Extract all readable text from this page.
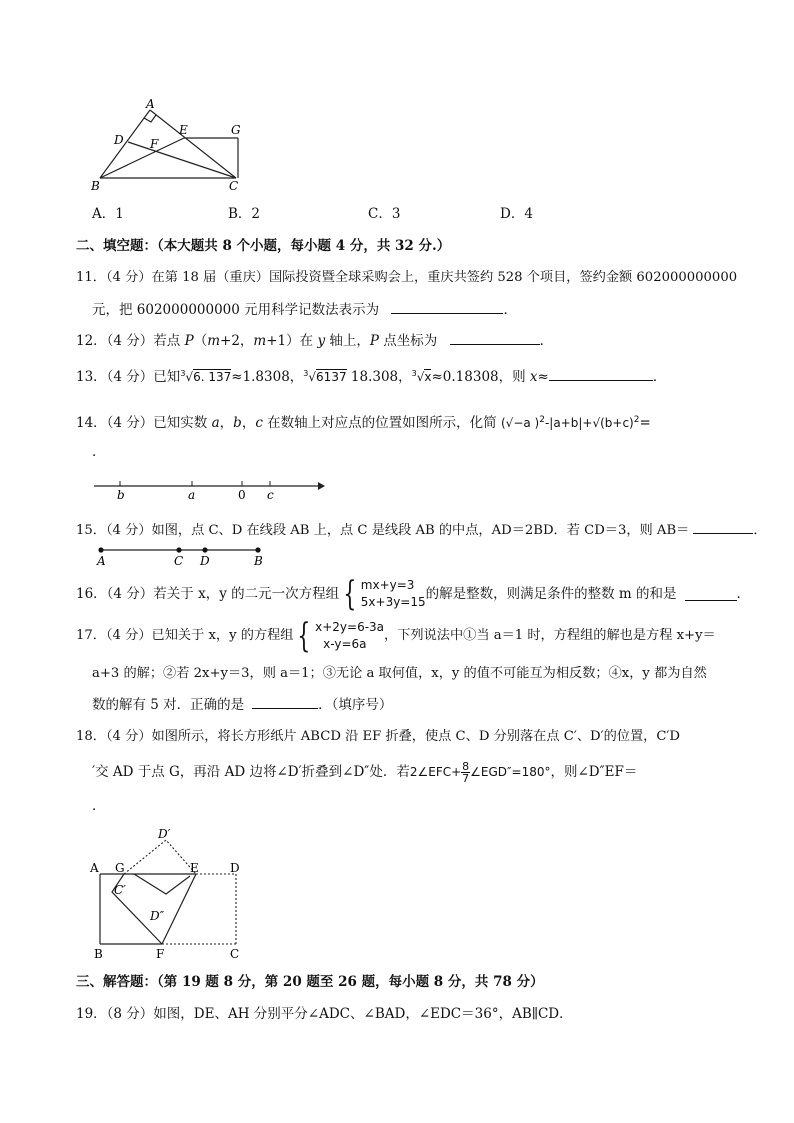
A
B	C
D
E
F
G
A．1	B．2	C．3	D．4
二、填空题：（本大题共 8 个小题，每小题 4 分，共 32 分.）
11．（4 分）在第 18 届（重庆）国际投资暨全球采购会上，重庆共签约 528 个项目，签约金额 602000000000
元，把 602000000000 元用科学记数法表示为	．
12．（4 分）若点 P（m+2，m+1）在 y 轴上，P 点坐标为	．
13．（4 分）已知$^3$√6. 137≈1.8308，$^3$√6137 18.308，$^3$√x≈0.18308，则 x≈	．
14．（4 分）已知实数 a，b，c 在数轴上对应点的位置如图所示，化简 (√−a )$^2-|a+b|+√(b+c)^2=$
．
b	a	0 c
15．（4 分）如图，点 C、D 在线段 AB 上，点 C 是线段 AB 的中点，AD＝2BD．若 CD＝3，则 AB＝	．
A	C D	B
16．（4 分）若关于 x，y 的二元一次方程组 { mx+y=3
5x+3y=15 的解是整数，则满足条件的整数 m 的和是	．
17．（4 分）已知关于 x，y 的方程组 { x+2y=6-3a
x-y=6a
，下列说法中①当 a＝1 时，方程组的解也是方程 x+y＝
a+3 的解；②若 2x+y＝3，则 a＝1；③无论 a 取何值，x，y 的值不可能互为相反数；④x，y 都为自然
数的解有 5 对．正确的是	．（填序号）
18．（4 分）如图所示，将长方形纸片 ABCD 沿 EF 折叠，使点 C、D 分别落在点 C′、D′的位置，C′D
′交 AD 于点 G，再沿 AD 边将∠D′折叠到∠D″处．若 2∠EFC+ $\frac{8}{7}$ ∠EGD″=180° ，则∠D″EF＝
．
A G	E	D
D′
C′
D″
B	F	C
三、解答题：（第 19 题 8 分，第 20 题至 26 题，每小题 8 分，共 78 分）
19．（8 分）如图，DE、AH 分别平分∠ADC、∠BAD，∠EDC＝36°，AB∥CD．
